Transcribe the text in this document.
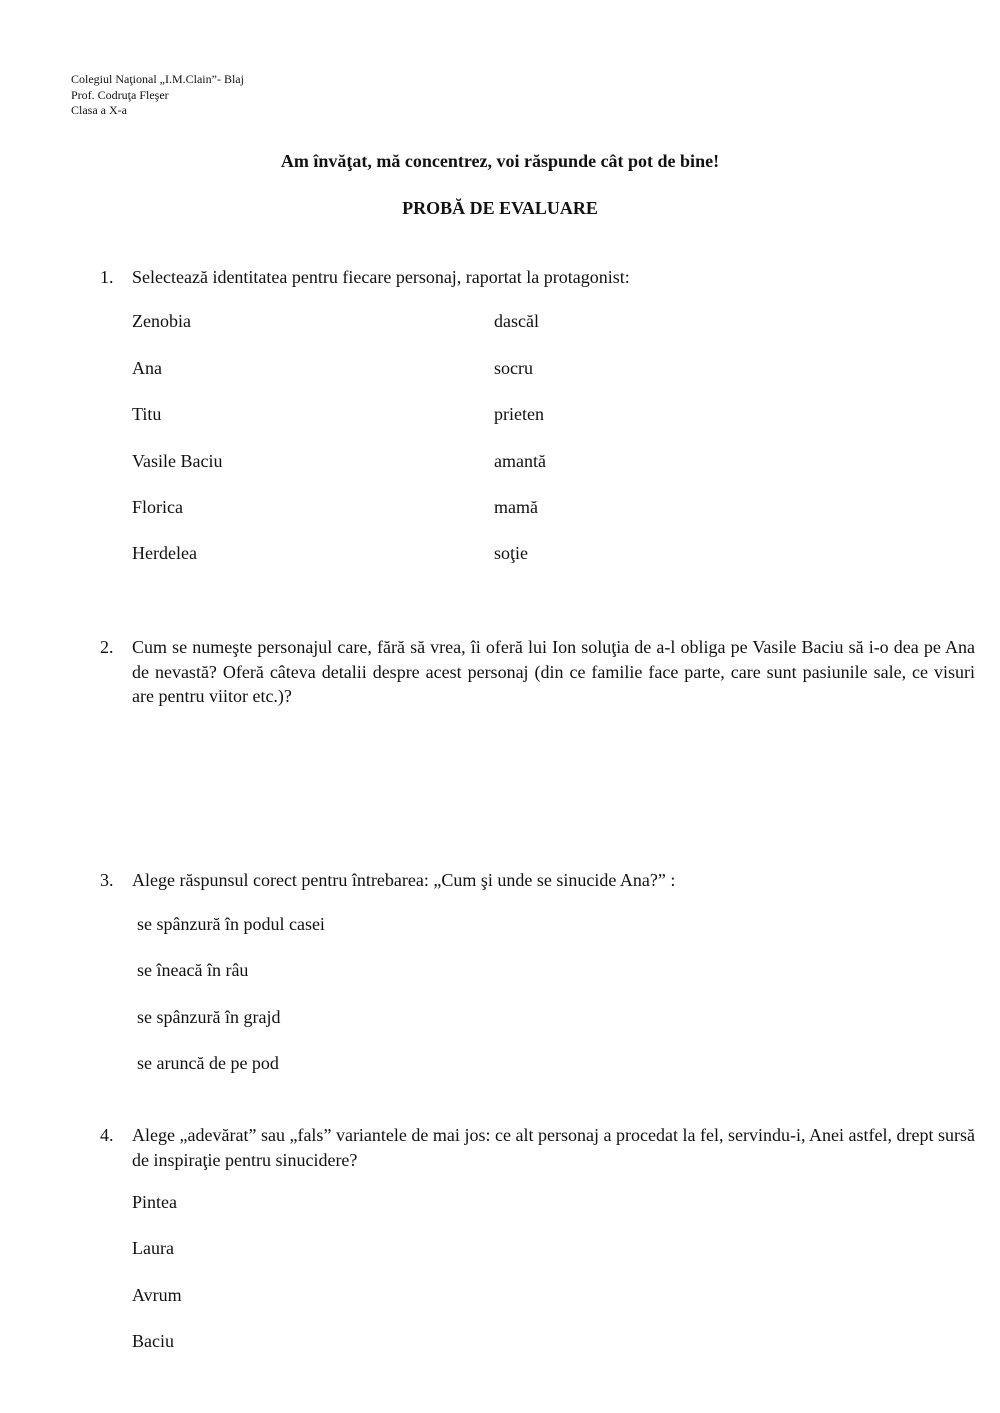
Colegiul Naţional „I.M.Clain”- Blaj
Prof. Codruţa Fleşer
Clasa a X-a
Am învăţat, mă concentrez, voi răspunde cât pot de bine!
PROBĂ DE EVALUARE
1. Selectează identitatea pentru fiecare personaj, raportat la protagonist:
Zenobia
Ana
Titu
Vasile Baciu
Florica
Herdelea
dascăl
socru
prieten
amantă
mamă
soţie
2. Cum se numeşte personajul care, fără să vrea, îi oferă lui Ion soluţia de a-l obliga pe Vasile Baciu să i-o dea pe Ana de nevastă? Oferă câteva detalii despre acest personaj (din ce familie face parte, care sunt pasiunile sale, ce visuri are pentru viitor etc.)?
3. Alege răspunsul corect pentru întrebarea: „Cum şi unde se sinucide Ana?” :
se spânzură în podul casei
se îneacă în râu
se spânzură în grajd
se aruncă de pe pod
4. Alege „adevărat” sau „fals” variantele de mai jos: ce alt personaj a procedat la fel, servindu-i, Anei astfel, drept sursă de inspiraţie pentru sinucidere?
Pintea
Laura
Avrum
Baciu
